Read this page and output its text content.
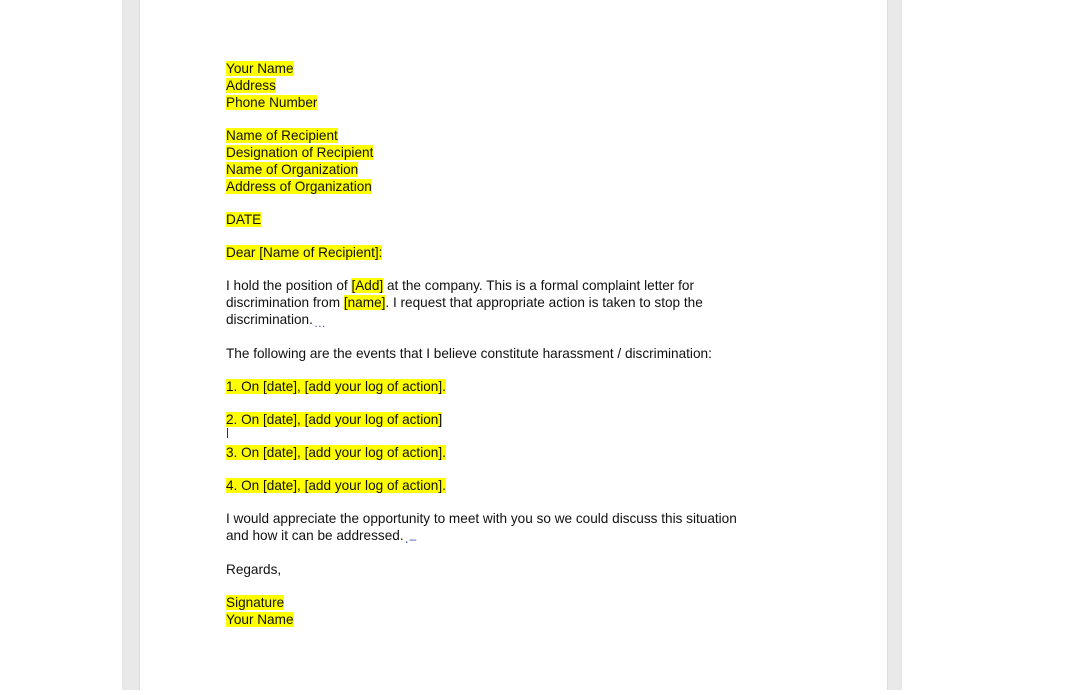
Your Name
Address
Phone Number
Name of Recipient
Designation of Recipient
Name of Organization
Address of Organization
DATE
Dear [Name of Recipient]:
I hold the position of [Add] at the company. This is a formal complaint letter for
discrimination from [name]. I request that appropriate action is taken to stop the
discrimination.…
The following are the events that I believe constitute harassment / discrimination:
1. On [date], [add your log of action].
2. On [date], [add your log of action]
3. On [date], [add your log of action].
4. On [date], [add your log of action].
I would appreciate the opportunity to meet with you so we could discuss this situation
and how it can be addressed.․–
Regards,
Signature
Your Name
